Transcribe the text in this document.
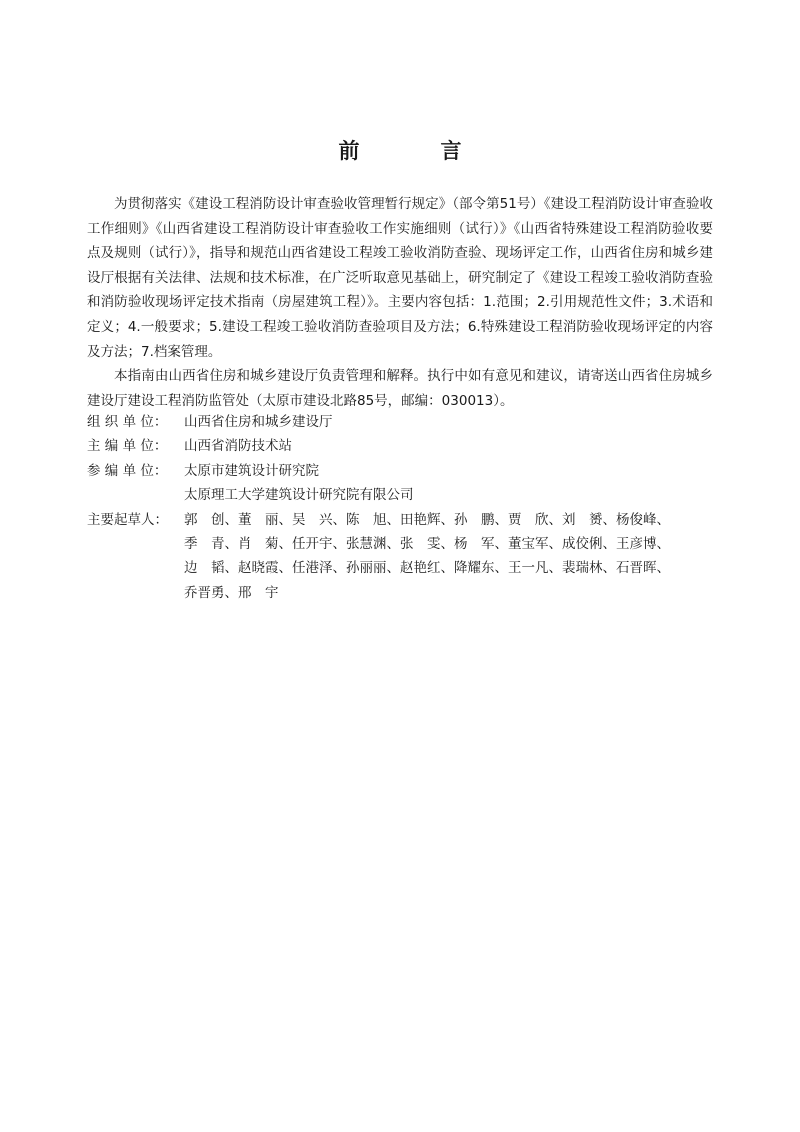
前　言

为贯彻落实《建设工程消防设计审查验收管理暂行规定》（部令第51号）《建设工程消防设计审查验收工作细则》《山西省建设工程消防设计审查验收工作实施细则（试行）》《山西省特殊建设工程消防验收要点及规则（试行）》，指导和规范山西省建设工程竣工验收消防查验、现场评定工作，山西省住房和城乡建设厅根据有关法律、法规和技术标准，在广泛听取意见基础上，研究制定了《建设工程竣工验收消防查验和消防验收现场评定技术指南（房屋建筑工程）》。主要内容包括：1.范围；2.引用规范性文件；3.术语和定义；4.一般要求；5.建设工程竣工验收消防查验项目及方法；6.特殊建设工程消防验收现场评定的内容及方法；7.档案管理。

本指南由山西省住房和城乡建设厅负责管理和解释。执行中如有意见和建议，请寄送山西省住房城乡建设厅建设工程消防监管处（太原市建设北路85号，邮编：030013）。

组 织 单 位：	山西省住房和城乡建设厅
主 编 单 位：	山西省消防技术站
参 编 单 位：	太原市建筑设计研究院
太原理工大学建筑设计研究院有限公司
主要起草人：	郭　创、董　丽、吴　兴、陈　旭、田艳辉、孙　鹏、贾　欣、刘　赟、杨俊峰、
季　青、肖　菊、任开宇、张慧渊、张　雯、杨　军、董宝军、成佼俐、王彦博、
边　韬、赵晓霞、任港泽、孙丽丽、赵艳红、降耀东、王一凡、裴瑞林、石晋晖、
乔晋勇、邢　宇
